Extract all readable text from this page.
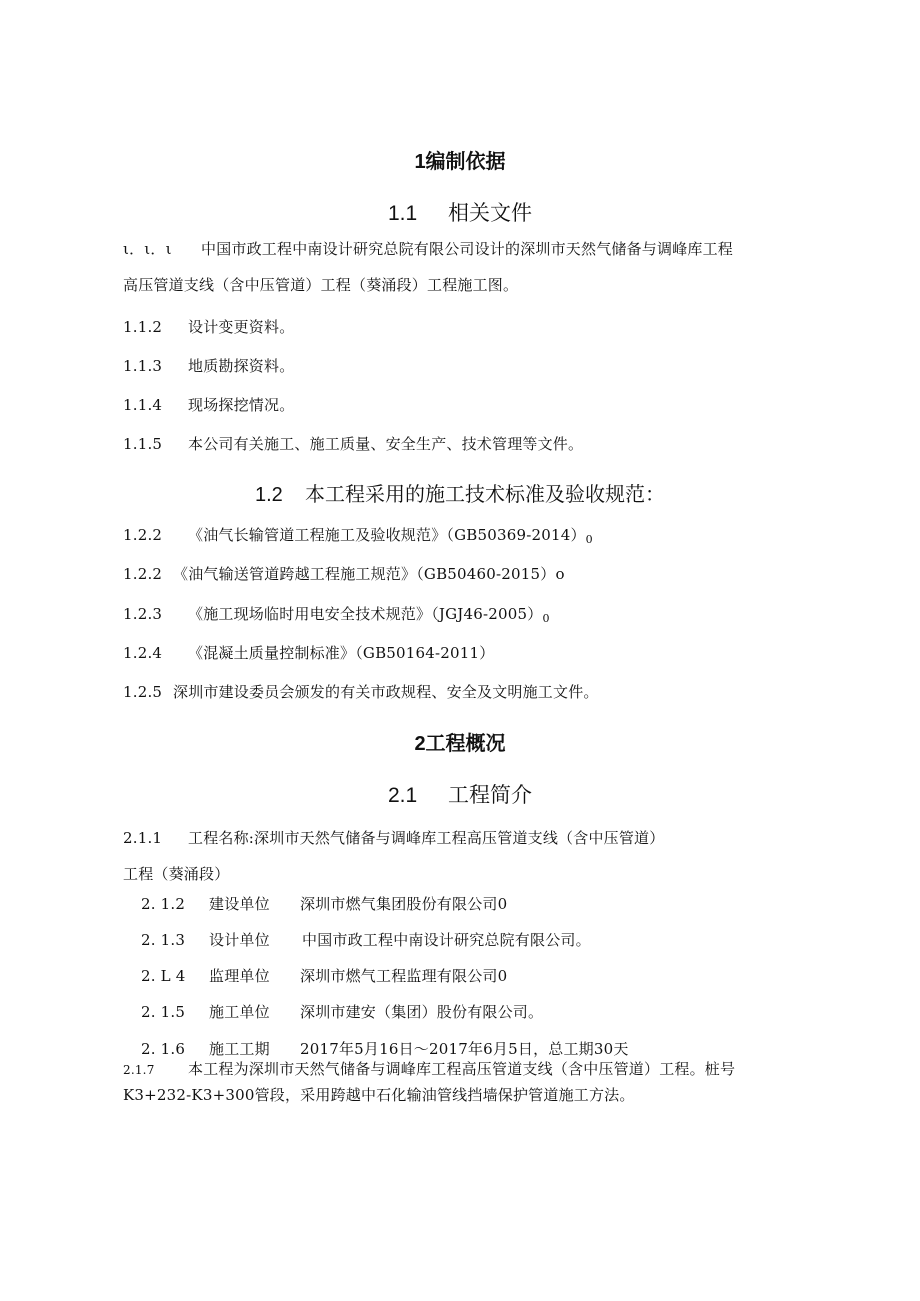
1编制依据
1.1 相关文件
ι．ι．ι 中国市政工程中南设计研究总院有限公司设计的深圳市天然气储备与调峰库工程
高压管道支线（含中压管道）工程（葵涌段）工程施工图。
1.1.2 设计变更资料。
1.1.3 地质勘探资料。
1.1.4 现场探挖情况。
1.1.5 本公司有关施工、施工质量、安全生产、技术管理等文件。
1.2 本工程采用的施工技术标准及验收规范：
1.2.2 《油气长输管道工程施工及验收规范》$(GB50369-2014)_0$
1.2.2 《油气输送管道跨越工程施工规范》（GB50460-2015）o
1.2.3 《施工现场临时用电安全技术规范》$(JGJ46-2005)_0$
1.2.4 《混凝土质量控制标准》（GB50164-2011）
1.2.5 深圳市建设委员会颁发的有关市政规程、安全及文明施工文件。
2工程概况
2.1 工程简介
2.1.1 工程名称:深圳市天然气储备与调峰库工程高压管道支线（含中压管道）
工程（葵涌段）
2. 1.2 建设单位 深圳市燃气集团股份有限公司0
2. 1.3 设计单位 中国市政工程中南设计研究总院有限公司。
2. L 4 监理单位 深圳市燃气工程监理有限公司0
2. 1.5 施工单位 深圳市建安（集团）股份有限公司。
2. 1.6 施工工期 2017年5月16日～2017年6月5日，总工期30天
2.1.7 本工程为深圳市天然气储备与调峰库工程高压管道支线（含中压管道）工程。桩号
K3+232-K3+300管段，采用跨越中石化输油管线挡墙保护管道施工方法。
